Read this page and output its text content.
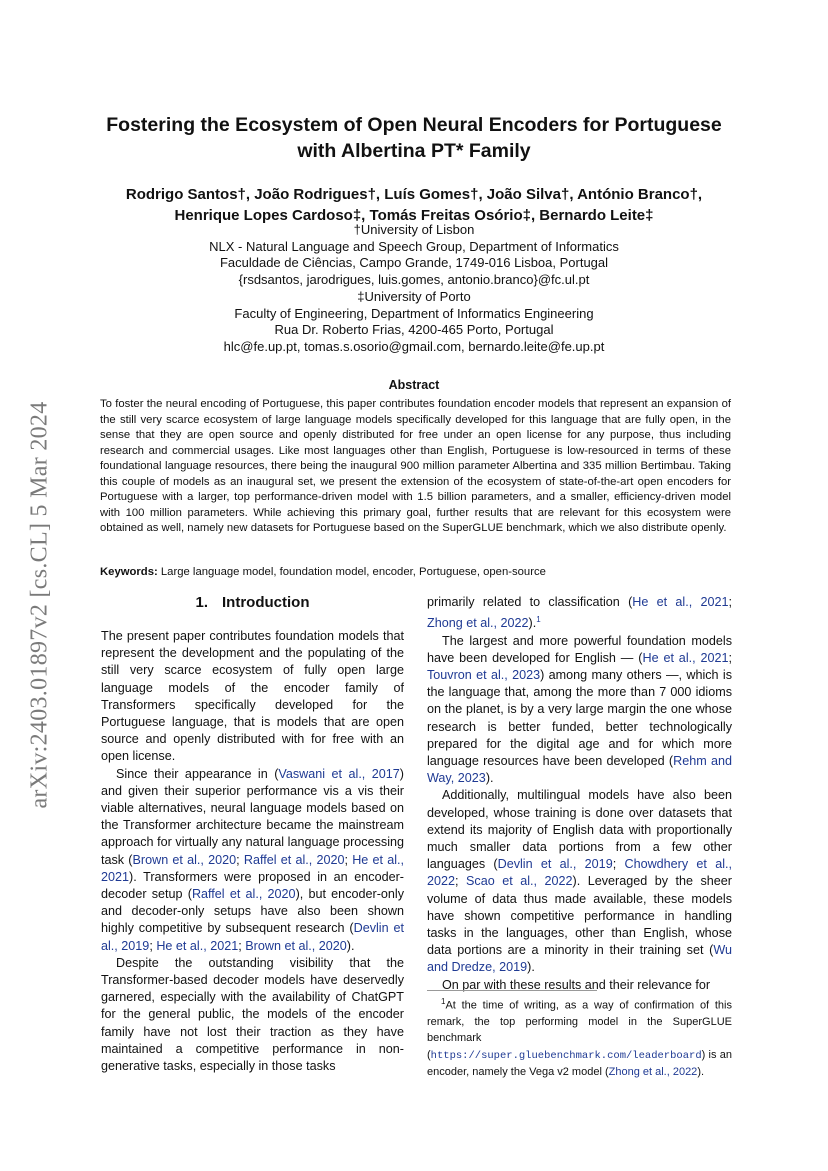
arXiv:2403.01897v2 [cs.CL] 5 Mar 2024
Fostering the Ecosystem of Open Neural Encoders for Portuguese
with Albertina PT* Family
Rodrigo Santos†, João Rodrigues†, Luís Gomes†, João Silva†, António Branco†,
Henrique Lopes Cardoso‡, Tomás Freitas Osório‡, Bernardo Leite‡
†University of Lisbon
NLX - Natural Language and Speech Group, Department of Informatics
Faculdade de Ciências, Campo Grande, 1749-016 Lisboa, Portugal
{rsdsantos, jarodrigues, luis.gomes, antonio.branco}@fc.ul.pt
‡University of Porto
Faculty of Engineering, Department of Informatics Engineering
Rua Dr. Roberto Frias, 4200-465 Porto, Portugal
hlc@fe.up.pt, tomas.s.osorio@gmail.com, bernardo.leite@fe.up.pt
Abstract
To foster the neural encoding of Portuguese, this paper contributes foundation encoder models that represent an expansion of the still very scarce ecosystem of large language models specifically developed for this language that are fully open, in the sense that they are open source and openly distributed for free under an open license for any purpose, thus including research and commercial usages. Like most languages other than English, Portuguese is low-resourced in terms of these foundational language resources, there being the inaugural 900 million parameter Albertina and 335 million Bertimbau. Taking this couple of models as an inaugural set, we present the extension of the ecosystem of state-of-the-art open encoders for Portuguese with a larger, top performance-driven model with 1.5 billion parameters, and a smaller, efficiency-driven model with 100 million parameters. While achieving this primary goal, further results that are relevant for this ecosystem were obtained as well, namely new datasets for Portuguese based on the SuperGLUE benchmark, which we also distribute openly.
Keywords: Large language model, foundation model, encoder, Portuguese, open-source
1. Introduction

The present paper contributes foundation models that represent the development and the populating of the still very scarce ecosystem of fully open large language models of the encoder family of Transformers specifically developed for the Portuguese language, that is models that are open source and openly distributed with for free with an open license.

Since their appearance in (Vaswani et al., 2017) and given their superior performance vis a vis their viable alternatives, neural language models based on the Transformer architecture became the mainstream approach for virtually any natural language processing task (Brown et al., 2020; Raffel et al., 2020; He et al., 2021). Transformers were proposed in an encoder-decoder setup (Raffel et al., 2020), but encoder-only and decoder-only setups have also been shown highly competitive by subsequent research (Devlin et al., 2019; He et al., 2021; Brown et al., 2020).

Despite the outstanding visibility that the Transformer-based decoder models have deservedly garnered, especially with the availability of ChatGPT for the general public, the models of the encoder family have not lost their traction as they have maintained a competitive performance in non-generative tasks, especially in those tasks

primarily related to classification (He et al., 2021; Zhong et al., 2022).$^1$

The largest and more powerful foundation models have been developed for English — (He et al., 2021; Touvron et al., 2023) among many others —, which is the language that, among the more than 7 000 idioms on the planet, is by a very large margin the one whose research is better funded, better technologically prepared for the digital age and for which more language resources have been developed (Rehm and Way, 2023).

Additionally, multilingual models have also been developed, whose training is done over datasets that extend its majority of English data with proportionally much smaller data portions from a few other languages (Devlin et al., 2019; Chowdhery et al., 2022; Scao et al., 2022). Leveraged by the sheer volume of data thus made available, these models have shown competitive performance in handling tasks in the languages, other than English, whose data portions are a minority in their training set (Wu and Dredze, 2019).

On par with these results and their relevance for

$^1$At the time of writing, as a way of confirmation of this remark, the top performing model in the SuperGLUE benchmark (https://super.gluebenchmark.com/leaderboard) is an encoder, namely the Vega v2 model (Zhong et al., 2022).
